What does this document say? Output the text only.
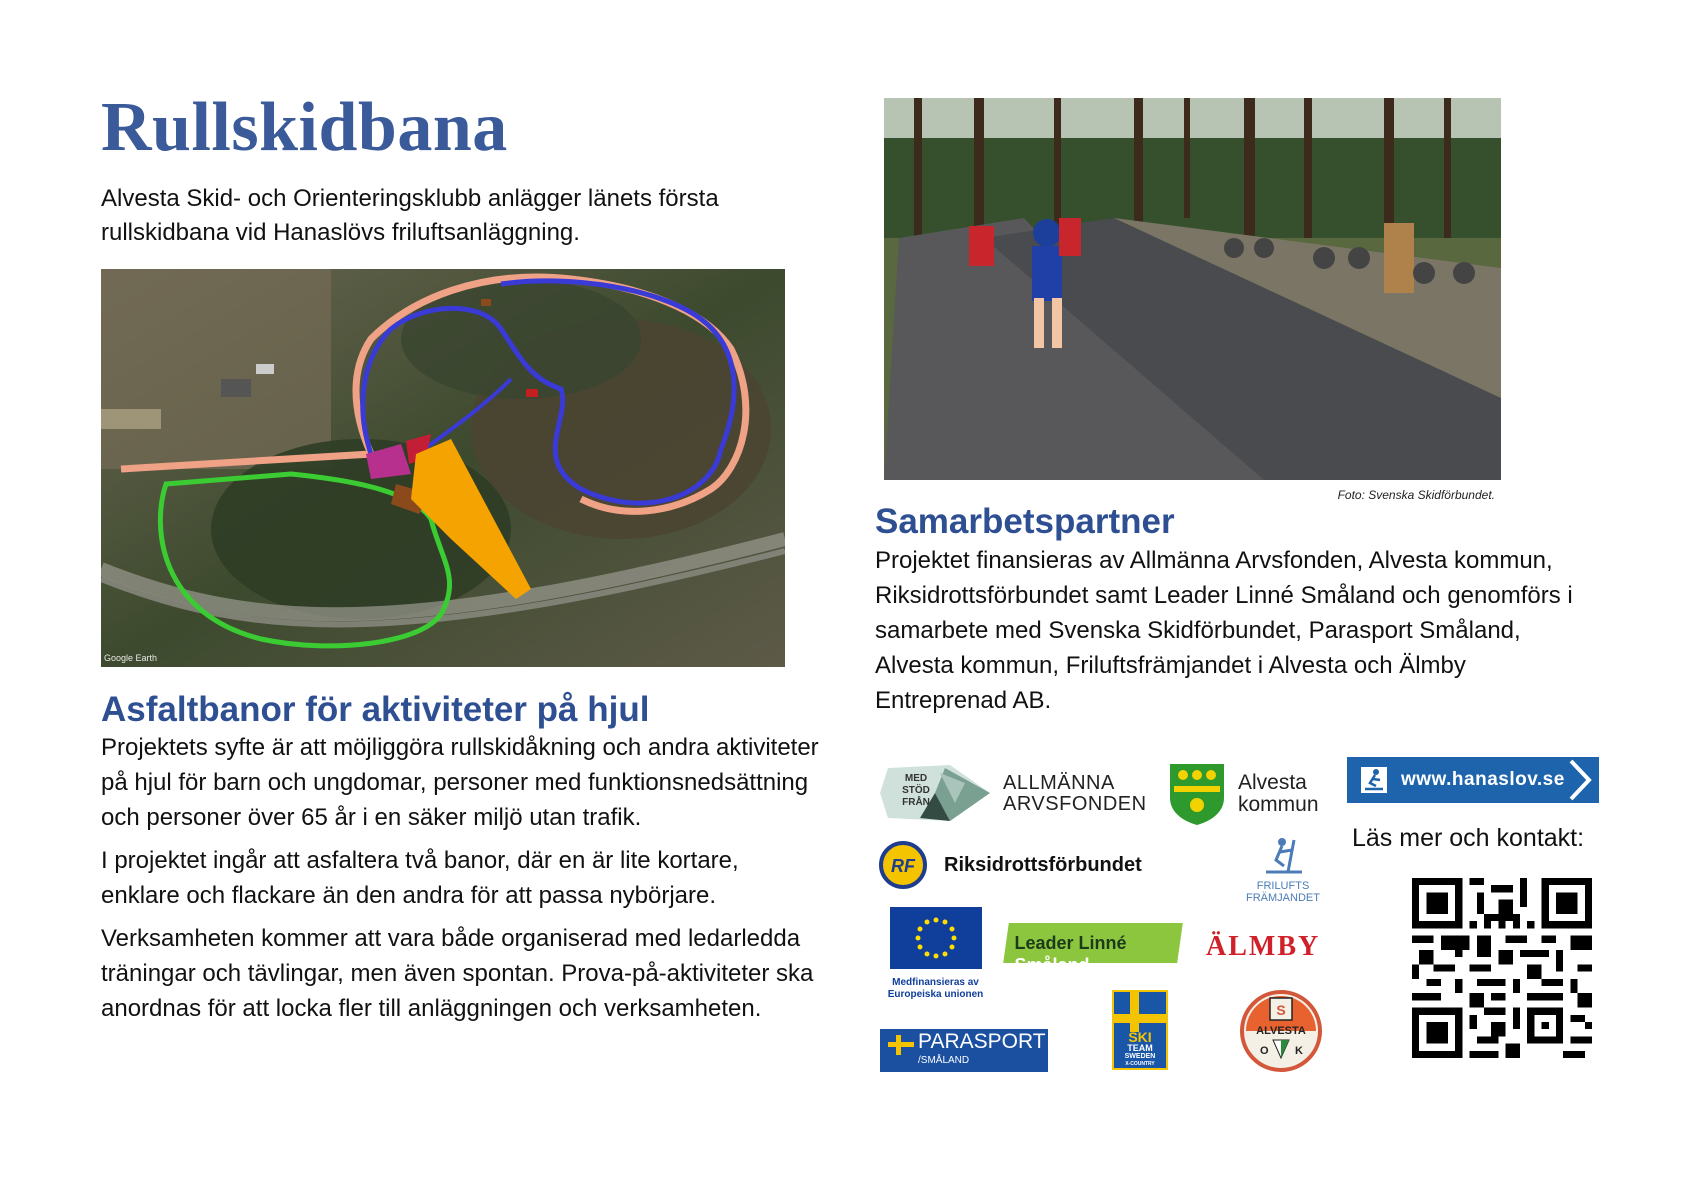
Rullskidbana
Alvesta Skid- och Orienteringsklubb anlägger länets första rullskidbana vid Hanaslövs friluftsanläggning.
Google Earth
Asfaltbanor för aktiviteter på hjul

Projektets syfte är att möjliggöra rullskidåkning och andra aktiviteter på hjul för barn och ungdomar, personer med funktionsnedsättning och personer över 65 år i en säker miljö utan trafik.

I projektet ingår att asfaltera två banor, där en är lite kortare, enklare och flackare än den andra för att passa nybörjare.

Verksamheten kommer att vara både organiserad med ledarledda träningar och tävlingar, men även spontan. Prova-på-aktiviteter ska anordnas för att locka fler till anläggningen och verksamheten.

Foto: Svenska Skidförbundet.
Samarbetspartner
Projektet finansieras av Allmänna Arvsfonden, Alvesta kommun, Riksidrottsförbundet samt Leader Linné Småland och genomförs i samarbete med Svenska Skidförbundet, Parasport Småland, Alvesta kommun, Friluftsfrämjandet i Alvesta och Älmby Entreprenad AB.
MED STÖD FRÅN
ALLMÄNNA
ARVSFONDEN
Alvesta
kommun
www.hanaslov.se
Läs mer och kontakt:
RF Riksidrottsförbundet
FRILUFTS
FRÄMJANDET
Medfinansieras av
Europeiska unionen
Leader Linné Småland
ÄLMBY
PARASPORT
/SMÅLAND
SKI
TEAM
SWEDEN
X-COUNTRY
S
ALVESTA
O K
